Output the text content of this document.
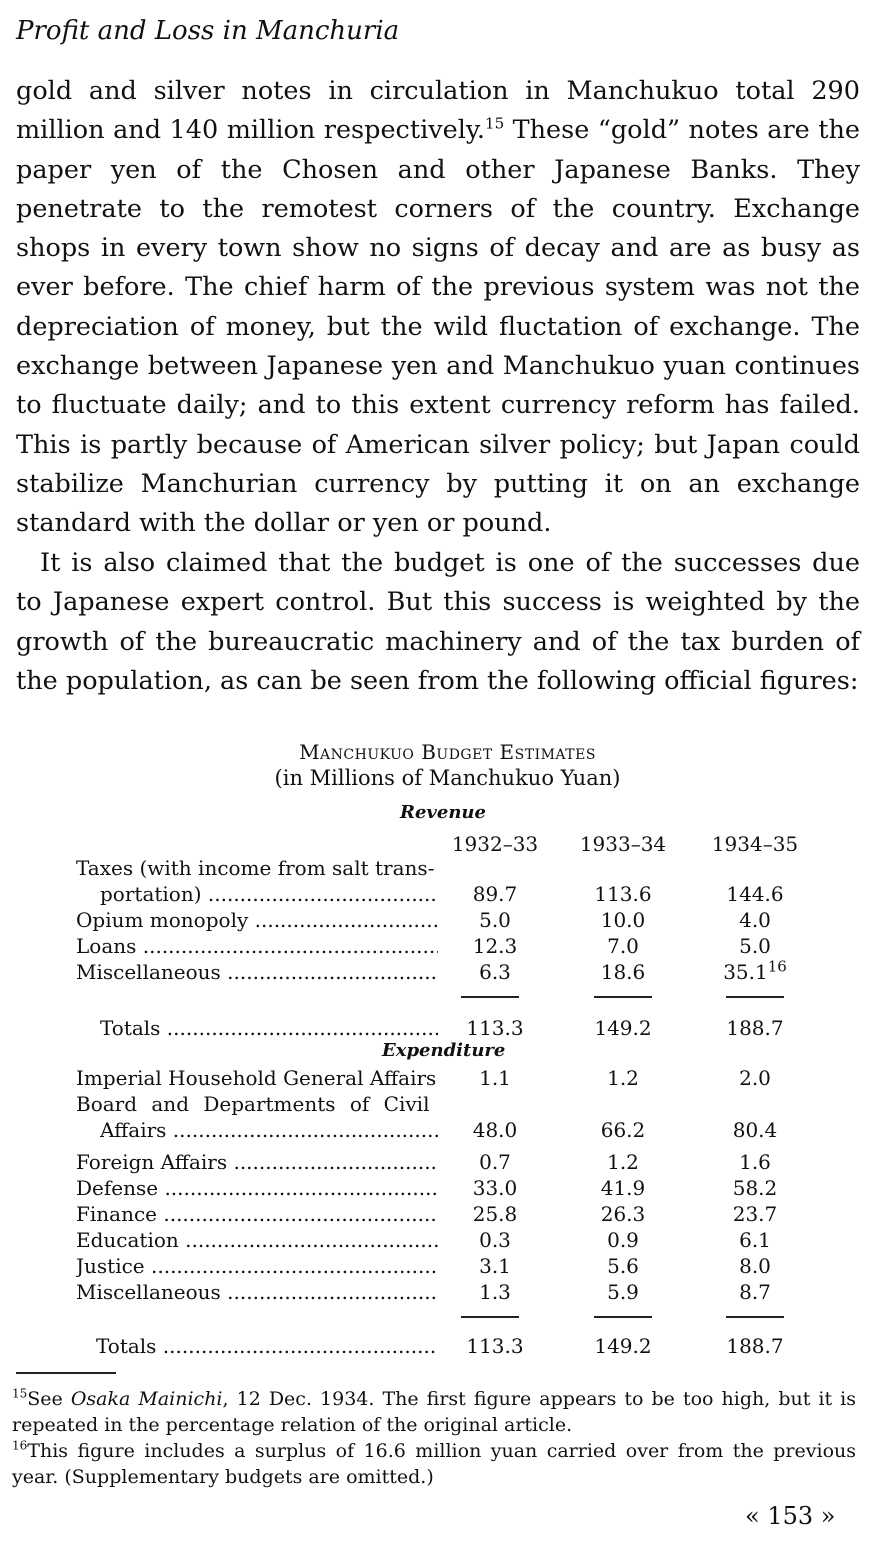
Profit and Loss in Manchuria

gold and silver notes in circulation in Manchukuo total 290 million and 140 million respectively.$^{15}$ These “gold” notes are the paper yen of the Chosen and other Japanese Banks. They penetrate to the remotest corners of the country. Exchange shops in every town show no signs of decay and are as busy as ever before. The chief harm of the previous system was not the depreciation of money, but the wild fluctation of exchange. The exchange between Japanese yen and Manchukuo yuan continues to fluctuate daily; and to this extent currency reform has failed. This is partly because of American silver policy; but Japan could stabilize Manchurian currency by putting it on an exchange standard with the dollar or yen or pound.

It is also claimed that the budget is one of the successes due to Japanese expert control. But this success is weighted by the growth of the bureaucratic machinery and of the tax burden of the population, as can be seen from the following official figures:

Manchukuo Budget Estimates
(in Millions of Manchukuo Yuan)
Revenue
1932–33	1933–34	1934–35
Taxes (with income from salt trans-
portation) .....	89.7	113.6	144.6
Opium monopoly .....	5.0	10.0	4.0
Loans .....	12.3	7.0	5.0
Miscellaneous .....	6.3	18.6	35.1$^{16}$
Totals .....	113.3	149.2	188.7
Expenditure
Imperial Household General Affairs	1.1	1.2	2.0
Board and Departments of Civil
Affairs .....	48.0	66.2	80.4
Foreign Affairs .....	0.7	1.2	1.6
Defense .....	33.0	41.9	58.2
Finance .....	25.8	26.3	23.7
Education .....	0.3	0.9	6.1
Justice .....	3.1	5.6	8.0
Miscellaneous .....	1.3	5.9	8.7
Totals .....	113.3	149.2	188.7
$^{15}$See Osaka Mainichi, 12 Dec. 1934. The first figure appears to be too high, but it is repeated in the percentage relation of the original article.
$^{16}$This figure includes a surplus of 16.6 million yuan carried over from the previous year. (Supplementary budgets are omitted.)
« 153 »
